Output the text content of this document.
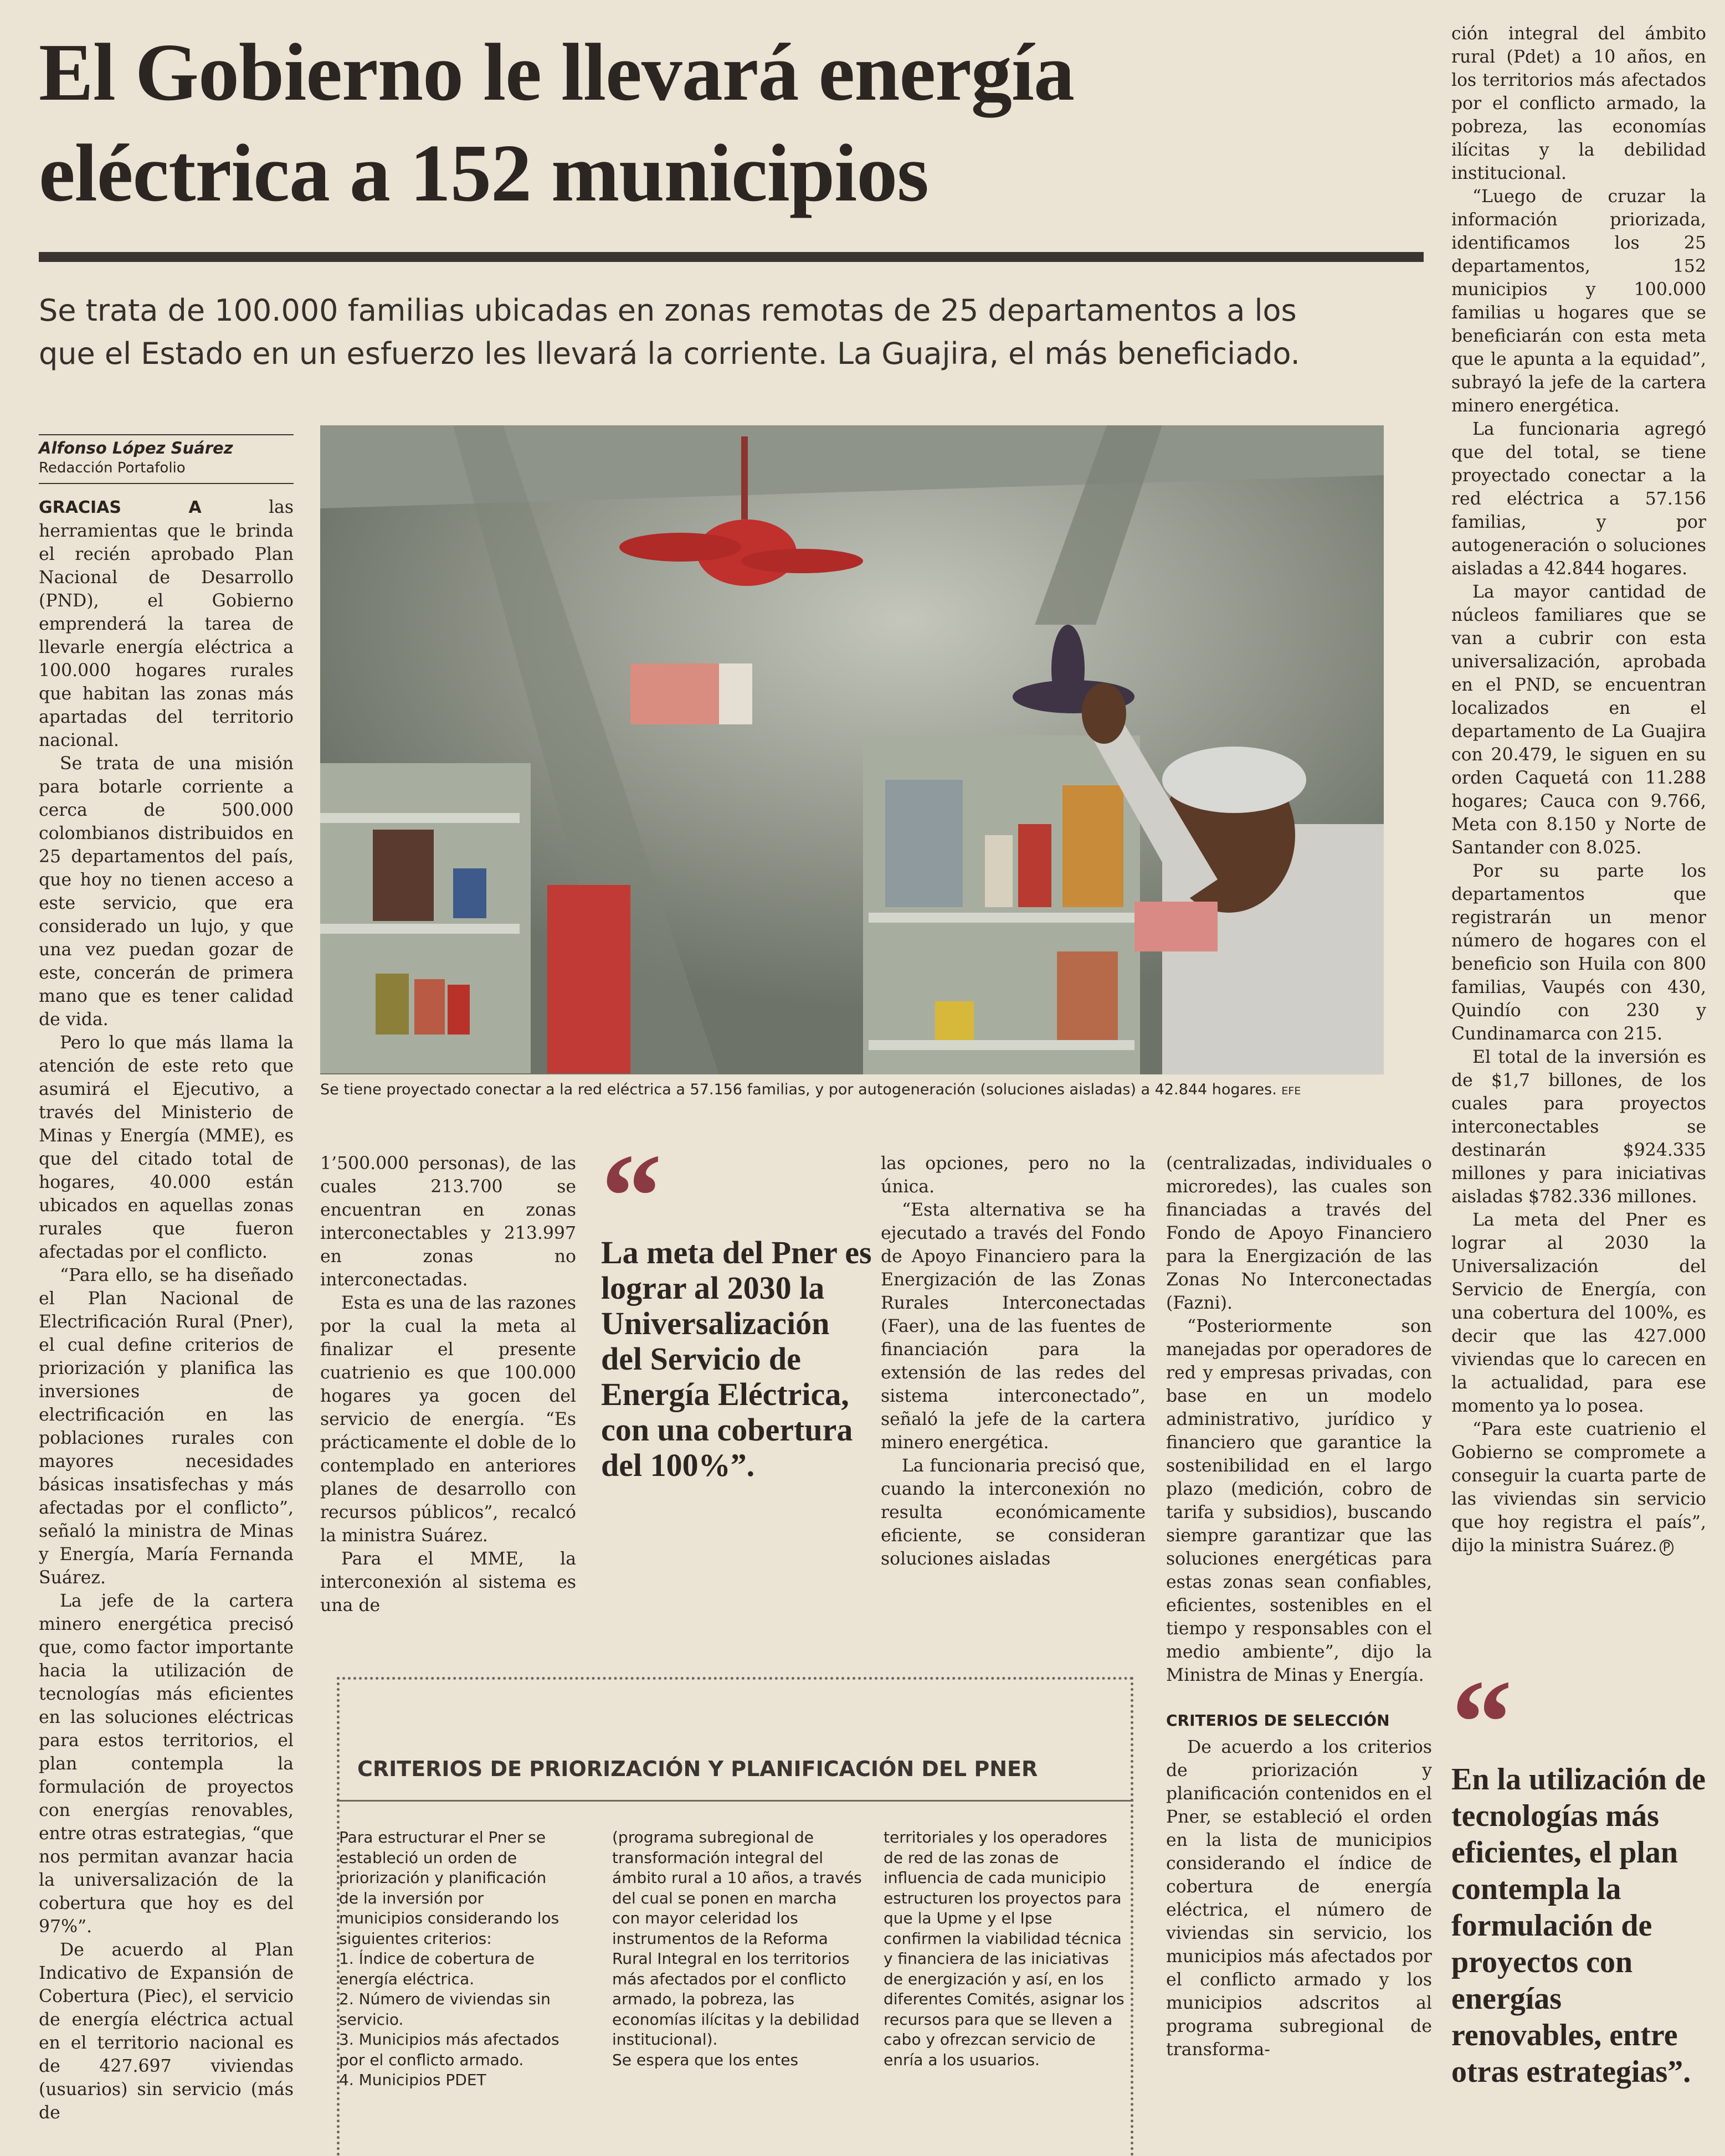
El Gobierno le llevará energía
eléctrica a 152 municipios
Se trata de 100.000 familias ubicadas en zonas remotas de 25 departamentos a los
que el Estado en un esfuerzo les llevará la corriente. La Guajira, el más beneficiado.
Alfonso López Suárez
Redacción Portafolio

GRACIAS A	las herramientas que le brinda el recién aprobado Plan Nacional de Desarrollo (PND), el Gobierno emprenderá la tarea de llevarle energía eléctrica a 100.000 hogares rurales que habitan las zonas más apartadas del territorio nacional.

Se trata de una misión para botarle corriente a cerca de 500.000 colombianos distribuidos en 25 departamentos del país, que hoy no tienen acceso a este servicio, que era considerado un lujo, y que una vez puedan gozar de este, concerán de primera mano que es tener calidad de vida.

Pero lo que más llama la atención de este reto que asumirá el Ejecutivo, a través del Ministerio de Minas y Energía (MME), es que del citado total de hogares, 40.000 están ubicados en aquellas zonas rurales que fueron afectadas por el conflicto.

“Para ello, se ha diseñado el Plan Nacional de Electrificación Rural (Pner), el cual define criterios de priorización y planifica las inversiones de electrificación en las poblaciones rurales con mayores necesidades básicas insatisfechas y más afectadas por el conflicto”, señaló la ministra de Minas y Energía, María Fernanda Suárez.

La jefe de la cartera minero energética precisó que, como factor importante hacia la utilización de tecnologías más eficientes en las soluciones eléctricas para estos territorios, el plan contempla la formulación de proyectos con energías renovables, entre otras estrategias, “que nos permitan avanzar hacia la universalización de la cobertura que hoy es del 97%”.

De acuerdo al Plan Indicativo de Expansión de Cobertura (Piec), el servicio de energía eléctrica actual en el territorio nacional es de 427.697 viviendas (usuarios) sin servicio (más de

Se tiene proyectado conectar a la red eléctrica a 57.156 familias, y por autogeneración (soluciones aisladas) a 42.844 hogares. EFE

1’500.000 personas), de las cuales 213.700 se encuentran en zonas interconectables y 213.997 en zonas no interconectadas.

Esta es una de las razones por la cual la meta al finalizar el presente cuatrienio es que 100.000 hogares ya gocen del servicio de energía. “Es prácticamente el doble de lo contemplado en anteriores planes de desarrollo con recursos públicos”, recalcó la ministra Suárez.

Para el MME, la interconexión al sistema es una de

“
La meta del Pner es lograr al 2030 la Universalización del Servicio de Energía Eléctrica, con una cobertura del 100%”.

las opciones, pero no la única.

“Esta alternativa se ha ejecutado a través del Fondo de Apoyo Financiero para la Energización de las Zonas Rurales Interconectadas (Faer), una de las fuentes de financiación para la extensión de las redes del sistema interconectado”, señaló la jefe de la cartera minero energética.

La funcionaria precisó que, cuando la interconexión no resulta económicamente eficiente, se consideran soluciones aisladas

(centralizadas, individuales o microredes), las cuales son financiadas a través del Fondo de Apoyo Financiero para la Energización de las Zonas No Interconectadas (Fazni).

“Posteriormente son manejadas por operadores de red y empresas privadas, con base en un modelo administrativo, jurídico y financiero que garantice la sostenibilidad en el largo plazo (medición, cobro de tarifa y subsidios), buscando siempre garantizar que las soluciones energéticas para estas zonas sean confiables, eficientes, sostenibles en el tiempo y responsables con el medio ambiente”, dijo la Ministra de Minas y Energía.

CRITERIOS DE SELECCIÓN

De acuerdo a los criterios de priorización y planificación contenidos en el Pner, se estableció el orden en la lista de municipios considerando el índice de cobertura de energía eléctrica, el número de viviendas sin servicio, los municipios más afectados por el conflicto armado y los municipios adscritos al programa subregional de transforma-

ción integral del ámbito rural (Pdet) a 10 años, en los territorios más afectados por el conflicto armado, la pobreza, las economías ilícitas y la debilidad institucional.

“Luego de cruzar la información priorizada, identificamos los 25 departamentos, 152 municipios y 100.000 familias u hogares que se beneficiarán con esta meta que le apunta a la equidad”, subrayó la jefe de la cartera minero energética.

La funcionaria agregó que del total, se tiene proyectado conectar a la red eléctrica a 57.156 familias, y por autogeneración o soluciones aisladas a 42.844 hogares.

La mayor cantidad de núcleos familiares que se van a cubrir con esta universalización, aprobada en el PND, se encuentran localizados en el departamento de La Guajira con 20.479, le siguen en su orden Caquetá con 11.288 hogares; Cauca con 9.766, Meta con 8.150 y Norte de Santander con 8.025.

Por su parte los departamentos que registrarán un menor número de hogares con el beneficio son Huila con 800 familias, Vaupés con 430, Quindío con 230 y Cundinamarca con 215.

El total de la inversión es de $1,7 billones, de los cuales para proyectos interconectables se destinarán $924.335 millones y para iniciativas aisladas $782.336 millones.

La meta del Pner es lograr al 2030 la Universalización del Servicio de Energía, con una cobertura del 100%, es decir que las 427.000 viviendas que lo carecen en la actualidad, para ese momento ya lo posea.

“Para este cuatrienio el Gobierno se compromete a conseguir la cuarta parte de las viviendas sin servicio que hoy registra el país”, dijo la ministra Suárez. P

“
En la utilización de tecnologías más eficientes, el plan contempla la formulación de proyectos con energías renovables, entre otras estrategias”.
CRITERIOS DE PRIORIZACIÓN Y PLANIFICACIÓN DEL PNER

Para estructurar el Pner se estableció un orden de priorización y planificación de la inversión por municipios considerando los siguientes criterios:

1. Índice de cobertura de energía eléctrica.

2. Número de viviendas sin servicio.

3. Municipios más afectados por el conflicto armado.

4. Municipios PDET

(programa subregional de transformación integral del ámbito rural a 10 años, a través del cual se ponen en marcha con mayor celeridad los instrumentos de la Reforma Rural Integral en los territorios más afectados por el conflicto armado, la pobreza, las economías ilícitas y la debilidad institucional).

Se espera que los entes

territoriales y los operadores de red de las zonas de influencia de cada municipio estructuren los proyectos para que la Upme y el Ipse confirmen la viabilidad técnica y financiera de las iniciativas de energización y así, en los diferentes Comités, asignar los recursos para que se lleven a cabo y ofrezcan servicio de enría a los usuarios.
